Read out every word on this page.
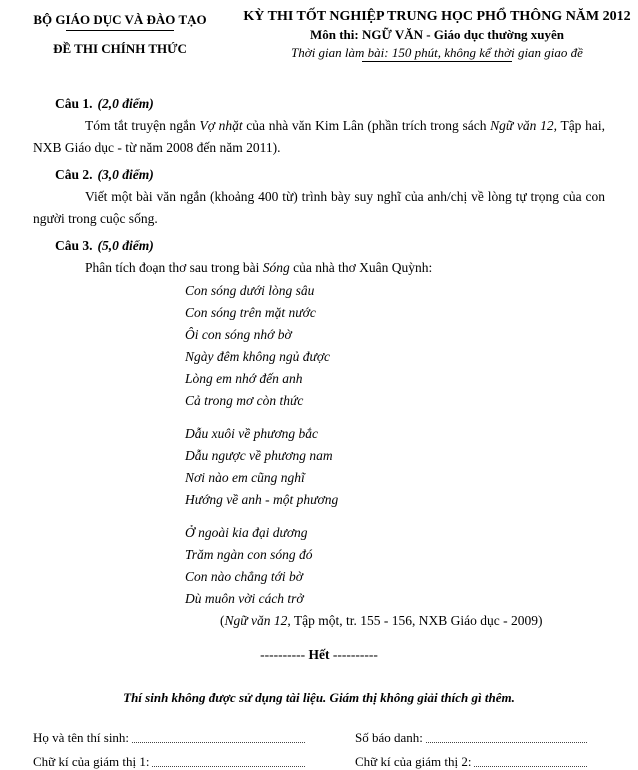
BỘ GIÁO DỤC VÀ ĐÀO TẠO
ĐỀ THI CHÍNH THỨC
KỲ THI TỐT NGHIỆP TRUNG HỌC PHỔ THÔNG NĂM 2012
Môn thi: NGỮ VĂN - Giáo dục thường xuyên
Thời gian làm bài: 150 phút, không kể thời gian giao đề
Câu 1. (2,0 điểm)
Tóm tắt truyện ngắn Vợ nhặt của nhà văn Kim Lân (phần trích trong sách Ngữ văn 12, Tập hai, NXB Giáo dục - từ năm 2008 đến năm 2011).
Câu 2. (3,0 điểm)
Viết một bài văn ngắn (khoảng 400 từ) trình bày suy nghĩ của anh/chị về lòng tự trọng của con người trong cuộc sống.
Câu 3. (5,0 điểm)
Phân tích đoạn thơ sau trong bài Sóng của nhà thơ Xuân Quỳnh:
Con sóng dưới lòng sâu
Con sóng trên mặt nước
Ôi con sóng nhớ bờ
Ngày đêm không ngủ được
Lòng em nhớ đến anh
Cả trong mơ còn thức
Dẫu xuôi về phương bắc
Dẫu ngược về phương nam
Nơi nào em cũng nghĩ
Hướng về anh - một phương
Ở ngoài kia đại dương
Trăm ngàn con sóng đó
Con nào chẳng tới bờ
Dù muôn vời cách trở
(Ngữ văn 12, Tập một, tr. 155 - 156, NXB Giáo dục - 2009)
---------- Hết ----------
Thí sinh không được sử dụng tài liệu. Giám thị không giải thích gì thêm.
Họ và tên thí sinh:	Số báo danh:
Chữ kí của giám thị 1:	Chữ kí của giám thị 2:
